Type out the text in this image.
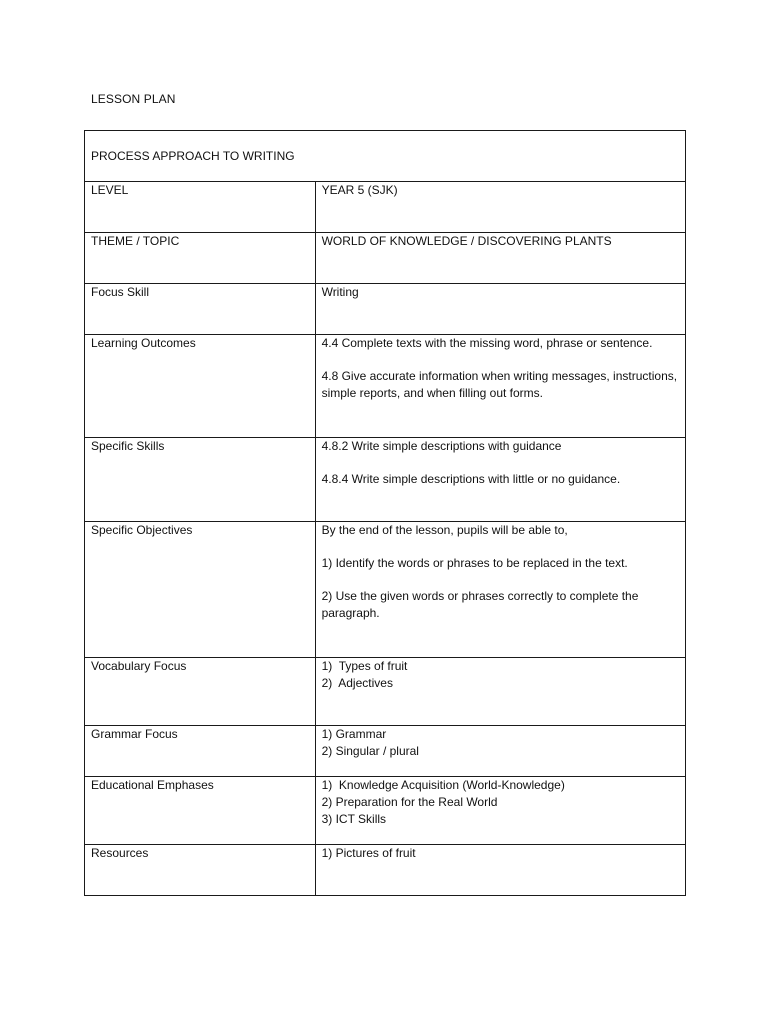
LESSON PLAN
PROCESS APPROACH TO WRITING	
LEVEL	YEAR 5 (SJK)

THEME / TOPIC	WORLD OF KNOWLEDGE / DISCOVERING PLANTS

Focus Skill	Writing

Learning Outcomes	4.4 Complete texts with the missing word, phrase or sentence.
4.8 Give accurate information when writing messages, instructions, simple reports, and when filling out forms.

Specific Skills	4.8.2 Write simple descriptions with guidance
4.8.4 Write simple descriptions with little or no guidance.

Specific Objectives	By the end of the lesson, pupils will be able to,
1) Identify the words or phrases to be replaced in the text.
2) Use the given words or phrases correctly to complete the paragraph.

Vocabulary Focus	1)  Types of fruit
2)  Adjectives

Grammar Focus	1) Grammar
2) Singular / plural

Educational Emphases	1)  Knowledge Acquisition (World-Knowledge)
2) Preparation for the Real World
3) ICT Skills

Resources	1) Pictures of fruit
